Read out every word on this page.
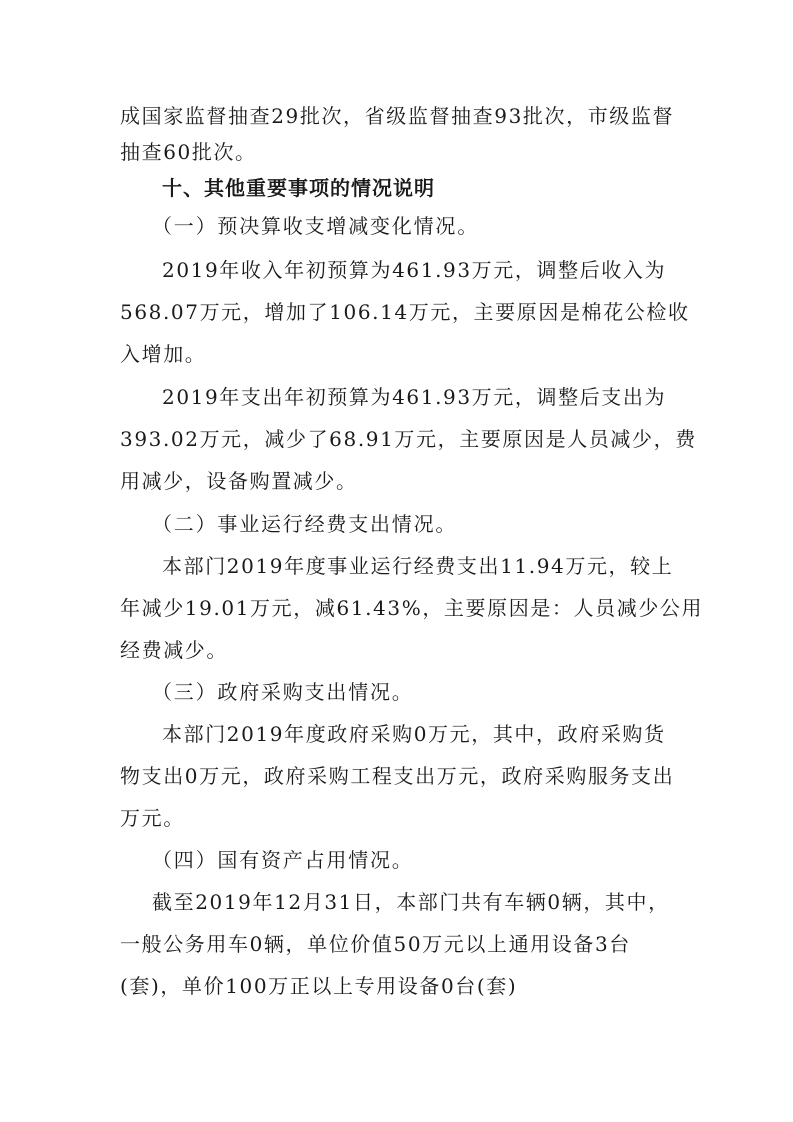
成国家监督抽查29批次，省级监督抽查93批次，市级监督
抽查60批次。
十、其他重要事项的情况说明
（一）预决算收支增减变化情况。
2019年收入年初预算为461.93万元，调整后收入为
568.07万元，增加了106.14万元，主要原因是棉花公检收
入增加。
2019年支出年初预算为461.93万元，调整后支出为
393.02万元，减少了68.91万元，主要原因是人员减少，费
用减少，设备购置减少。
（二）事业运行经费支出情况。
本部门2019年度事业运行经费支出11.94万元，较上
年减少19.01万元，减61.43%，主要原因是：人员减少公用
经费减少。
（三）政府采购支出情况。
本部门2019年度政府采购0万元，其中，政府采购货
物支出0万元，政府采购工程支出万元，政府采购服务支出
万元。
（四）国有资产占用情况。
截至2019年12月31日，本部门共有车辆0辆，其中，
一般公务用车0辆，单位价值50万元以上通用设备3台
(套)，单价100万正以上专用设备0台(套)
